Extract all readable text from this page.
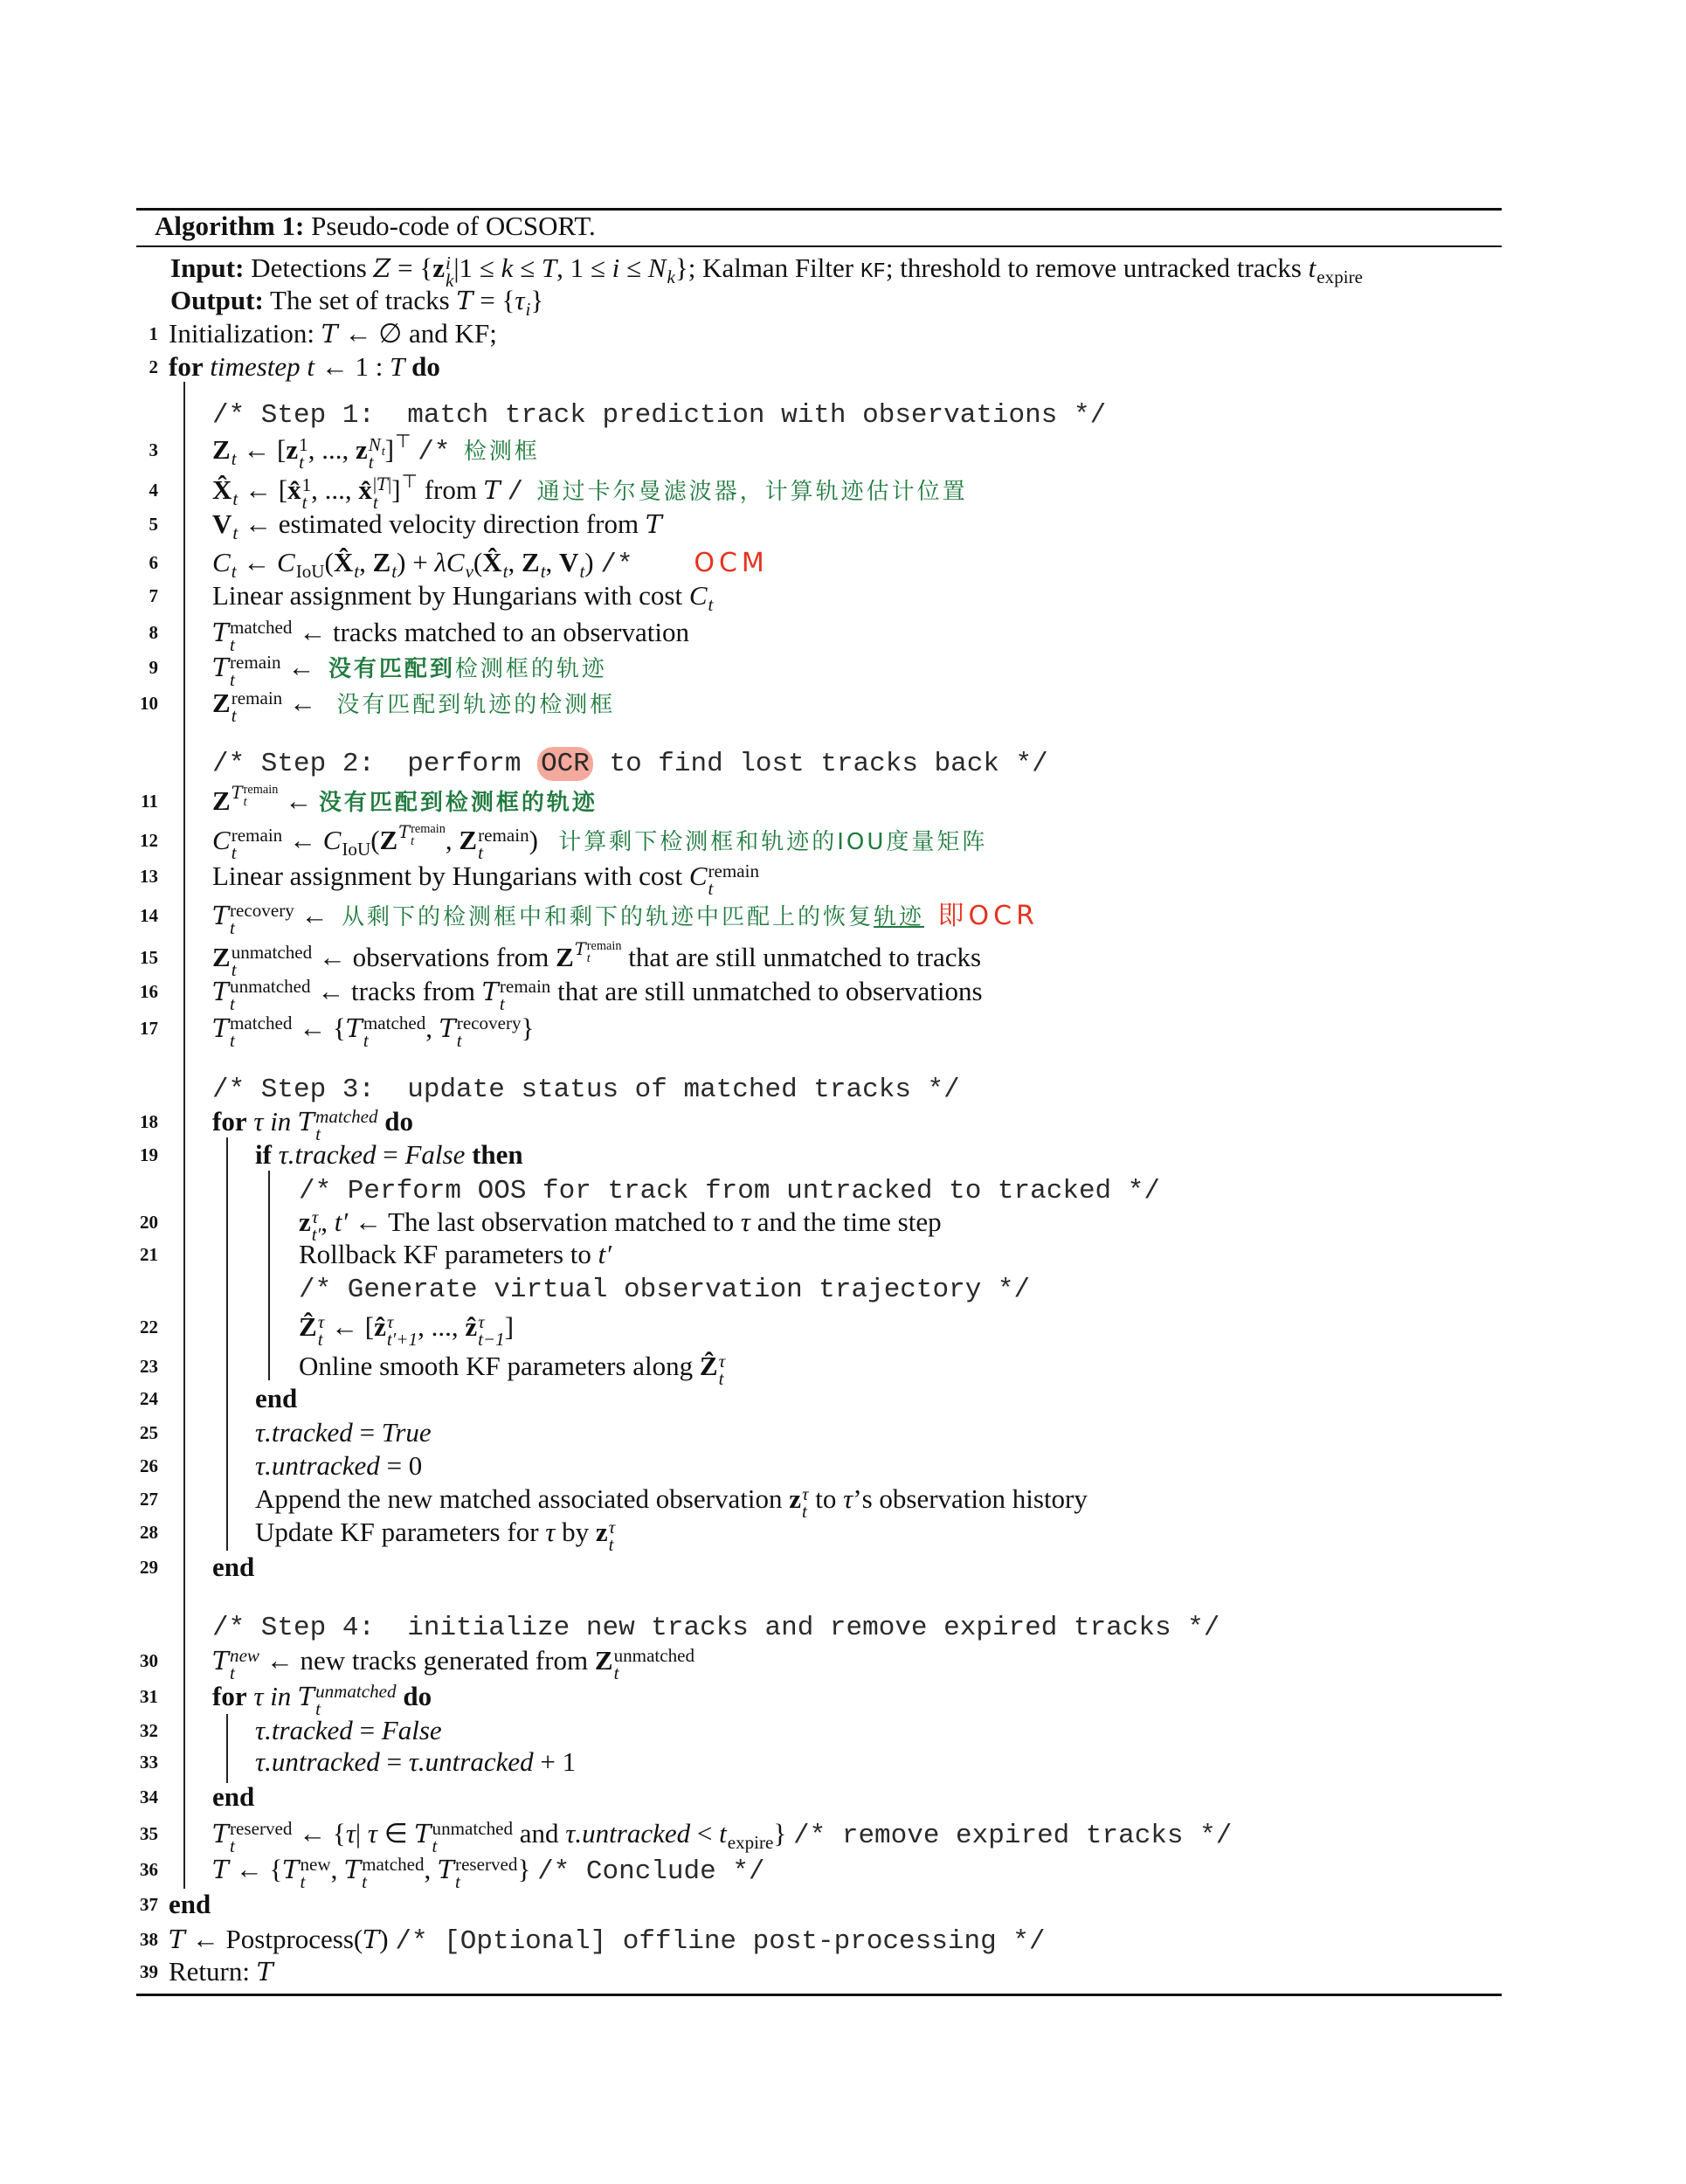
Algorithm 1: Pseudo-code of OCSORT.

Input: Detections Z = {z i
k |1 ≤ k ≤ T, $1 \le i \le N_k$}; Kalman Filter KF; threshold to remove untracked tracks $t_{expire}$

Output: The set of tracks $T = \{\tau_i\}$

1 Initialization: T ← ∅ and KF;
2 for timestep t ← 1 : T do
/* Step 1:  match track prediction with observations */
3 $Z_t$ ← [z 1
t , ..., z $N_t$
t ]⊤ /* 检测框
4 $X̂_t$ ← [x̂ 1
t , ..., x̂ |T|
t ]⊤ from T / 通过卡尔曼滤波器，计算轨迹估计位置
5 $V_t$ ← estimated velocity direction from T
6 $C_t$ ← $C_{IoU}(X̂_t$, $Z_t$) + $\lambda C_v(X̂_t$, $Z_t$, $V_t$) /* OCM
7 Linear assignment by Hungarians with cost $C_t$
8 T matched
t	← tracks matched to an observation
9 T remain
t	←  没有匹配到检测框的轨迹
10 Z remain
t	←   没有匹配到轨迹的检测框
/* Step 2:  perform OCR to find lost tracks back */
11 $Z^{T remain t}$	← 没有匹配到检测框的轨迹
12 C remain
t	← $C_{IoU}(Z^{T remain t}$	, Z remain
t	)   计算剩下检测框和轨迹的IOU度量矩阵
13 Linear assignment by Hungarians with cost C remain
t
14 T recovery
t	←  从剩下的检测框中和剩下的轨迹中匹配上的恢复轨迹 即OCR
15 Z unmatched
t	← observations from $Z^{T remain t}$	that are still unmatched to tracks
16 T unmatched
t	← tracks from T remain
t	that are still unmatched to observations
17 T matched
t	← {T matched
t	, T recovery
t	}
/* Step 3:  update status of matched tracks */
18 for τ in T matched
t	do
19	if τ.tracked = False then
/* Perform OOS for track from untracked to tracked */
20	z τ
t′ , t′ ← The last observation matched to τ and the time step
21	Rollback KF parameters to t′
/* Generate virtual observation trajectory */
22	Ẑ τ
t ← [ẑ τ
t′+1 , ..., ẑ τ
t−1 ]
23	Online smooth KF parameters along Ẑ τ
t
24	end
25	τ.tracked = True
26	τ.untracked = 0
27	Append the new matched associated observation z τ
t to τ’s observation history
28	Update KF parameters for τ by z τ
t
29 end
/* Step 4:  initialize new tracks and remove expired tracks */
30 T new
t ← new tracks generated from Z unmatched
t
31 for τ in T unmatched
t	do
32	τ.tracked = False
33	τ.untracked = τ.untracked + 1
34 end
35 T reserved
t	← {τ| τ ∈ T unmatched
t	and τ.untracked < $t_{expire}$} /* remove expired tracks */
36 T ← {T new
t , T matched
t	, T reserved
t	} /* Conclude */
37 end
38 T ← Postprocess(T) /* [Optional] offline post-processing */
39 Return: T
